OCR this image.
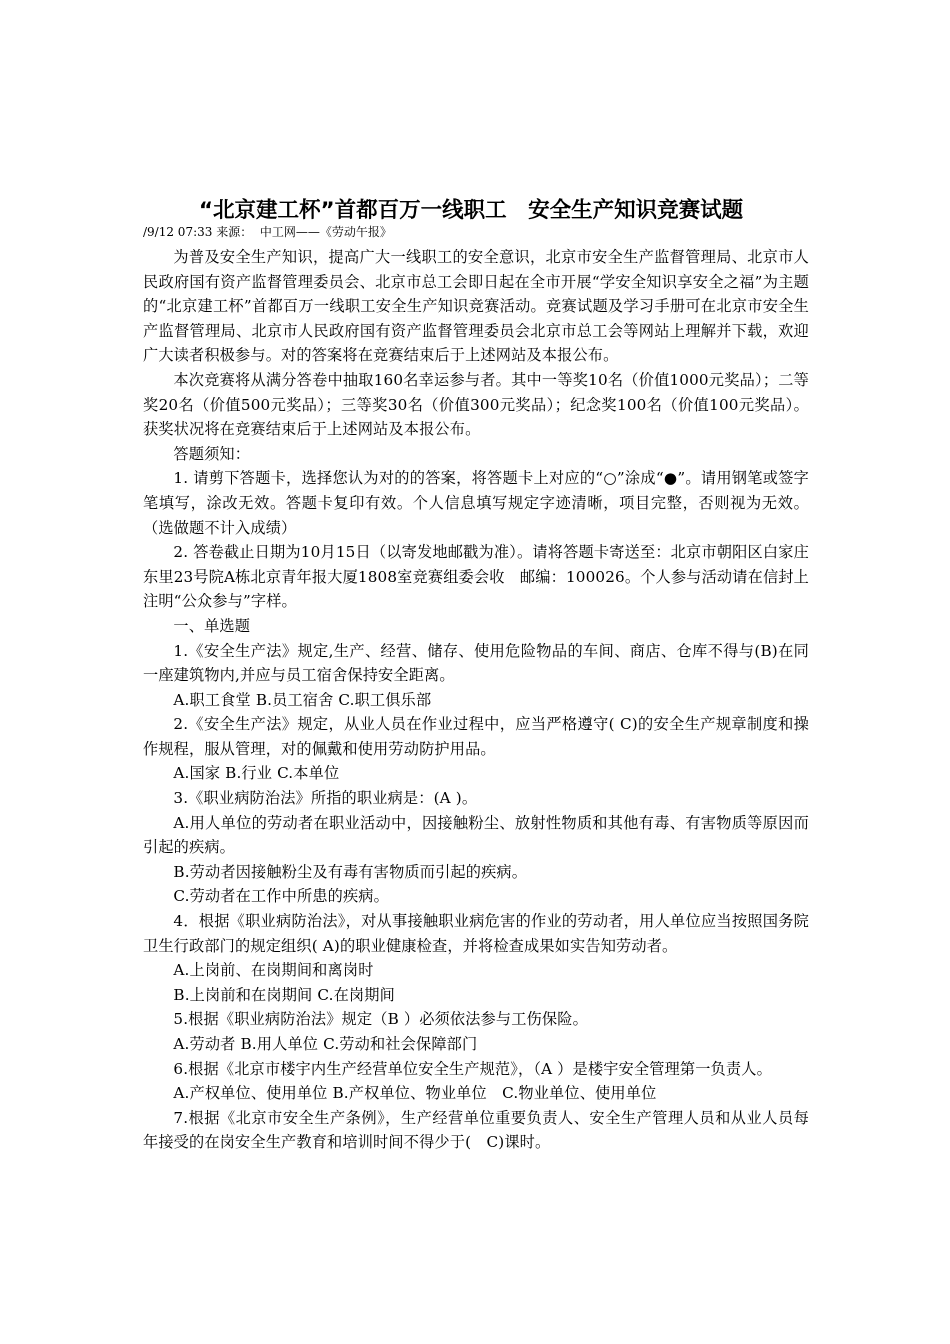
“北京建工杯”首都百万一线职工　安全生产知识竞赛试题
/9/12 07:33 来源：  中工网——《劳动午报》

为普及安全生产知识，提高广大一线职工的安全意识，北京市安全生产监督管理局、北京市人民政府国有资产监督管理委员会、北京市总工会即日起在全市开展“学安全知识享安全之福”为主题的“北京建工杯”首都百万一线职工安全生产知识竞赛活动。竞赛试题及学习手册可在北京市安全生产监督管理局、北京市人民政府国有资产监督管理委员会北京市总工会等网站上理解并下载，欢迎广大读者积极参与。对的答案将在竞赛结束后于上述网站及本报公布。

本次竞赛将从满分答卷中抽取160名幸运参与者。其中一等奖10名（价值1000元奖品）；二等奖20名（价值500元奖品）；三等奖30名（价值300元奖品）；纪念奖100名（价值100元奖品）。获奖状况将在竞赛结束后于上述网站及本报公布。

答题须知：

1. 请剪下答题卡，选择您认为对的的答案，将答题卡上对应的“○”涂成“●”。请用钢笔或签字笔填写，涂改无效。答题卡复印有效。个人信息填写规定字迹清晰，项目完整，否则视为无效。（选做题不计入成绩）

2. 答卷截止日期为10月15日（以寄发地邮戳为准）。请将答题卡寄送至：北京市朝阳区白家庄东里23号院A栋北京青年报大厦1808室竞赛组委会收　邮编：100026。个人参与活动请在信封上注明“公众参与”字样。

一、单选题

1.《安全生产法》规定,生产、经营、储存、使用危险物品的车间、商店、仓库不得与(B)在同一座建筑物内,并应与员工宿舍保持安全距离。

A.职工食堂 B.员工宿舍 C.职工俱乐部

2.《安全生产法》规定，从业人员在作业过程中，应当严格遵守( C)的安全生产规章制度和操作规程，服从管理，对的佩戴和使用劳动防护用品。

A.国家 B.行业 C.本单位

3.《职业病防治法》所指的职业病是：(A )。

A.用人单位的劳动者在职业活动中，因接触粉尘、放射性物质和其他有毒、有害物质等原因而引起的疾病。

B.劳动者因接触粉尘及有毒有害物质而引起的疾病。

C.劳动者在工作中所患的疾病。

4．根据《职业病防治法》，对从事接触职业病危害的作业的劳动者，用人单位应当按照国务院卫生行政部门的规定组织( A)的职业健康检查，并将检查成果如实告知劳动者。

A.上岗前、在岗期间和离岗时

B.上岗前和在岗期间 C.在岗期间

5.根据《职业病防治法》规定（B ）必须依法参与工伤保险。

A.劳动者 B.用人单位 C.劳动和社会保障部门

6.根据《北京市楼宇内生产经营单位安全生产规范》，（A ）是楼宇安全管理第一负责人。

A.产权单位、使用单位 B.产权单位、物业单位　C.物业单位、使用单位

7.根据《北京市安全生产条例》，生产经营单位重要负责人、安全生产管理人员和从业人员每年接受的在岗安全生产教育和培训时间不得少于(　C)课时。
